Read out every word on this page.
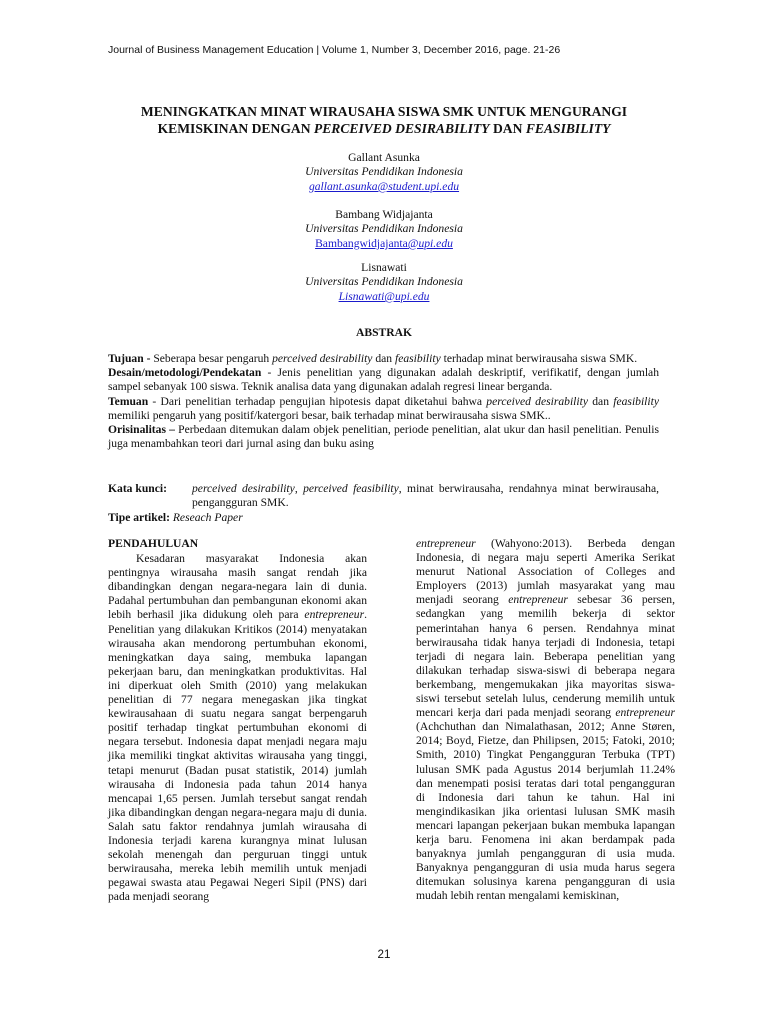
Journal of Business Management Education | Volume 1, Number 3, December 2016, page. 21-26
MENINGKATKAN MINAT WIRAUSAHA SISWA SMK UNTUK MENGURANGI
KEMISKINAN DENGAN PERCEIVED DESIRABILITY DAN FEASIBILITY
Gallant Asunka
Universitas Pendidikan Indonesia
gallant.asunka@student.upi.edu
Bambang Widjajanta
Universitas Pendidikan Indonesia
Bambangwidjajanta@upi.edu
Lisnawati
Universitas Pendidikan Indonesia
Lisnawati@upi.edu
ABSTRAK

Tujuan - Seberapa besar pengaruh perceived desirability dan feasibility terhadap minat berwirausaha siswa SMK.

Desain/metodologi/Pendekatan - Jenis penelitian yang digunakan adalah deskriptif, verifikatif, dengan jumlah sampel sebanyak 100 siswa. Teknik analisa data yang digunakan adalah regresi linear berganda.

Temuan - Dari penelitian terhadap pengujian hipotesis dapat diketahui bahwa perceived desirability dan feasibility memiliki pengaruh yang positif/katergori besar, baik terhadap minat berwirausaha siswa SMK..

Orisinalitas – Perbedaan ditemukan dalam objek penelitian, periode penelitian, alat ukur dan hasil penelitian. Penulis juga menambahkan teori dari jurnal asing dan buku asing

Kata kunci:	perceived desirability, perceived feasibility, minat berwirausaha, rendahnya minat berwirausaha, pengangguran SMK.
Tipe artikel: Reseach Paper
PENDAHULUAN

Kesadaran masyarakat Indonesia akan pentingnya wirausaha masih sangat rendah jika dibandingkan dengan negara-negara lain di dunia. Padahal pertumbuhan dan pembangunan ekonomi akan lebih berhasil jika didukung oleh para entrepreneur. Penelitian yang dilakukan Kritikos (2014) menyatakan wirausaha akan mendorong pertumbuhan ekonomi, meningkatkan daya saing, membuka lapangan pekerjaan baru, dan meningkatkan produktivitas. Hal ini diperkuat oleh Smith (2010) yang melakukan penelitian di 77 negara menegaskan jika tingkat kewirausahaan di suatu negara sangat berpengaruh positif terhadap tingkat pertumbuhan ekonomi di negara tersebut. Indonesia dapat menjadi negara maju jika memiliki tingkat aktivitas wirausaha yang tinggi, tetapi menurut (Badan pusat statistik, 2014) jumlah wirausaha di Indonesia pada tahun 2014 hanya mencapai 1,65 persen. Jumlah tersebut sangat rendah jika dibandingkan dengan negara-negara maju di dunia. Salah satu faktor rendahnya jumlah wirausaha di Indonesia terjadi karena kurangnya minat lulusan sekolah menengah dan perguruan tinggi untuk berwirausaha, mereka lebih memilih untuk menjadi pegawai swasta atau Pegawai Negeri Sipil (PNS) dari pada menjadi seorang

entrepreneur (Wahyono:2013). Berbeda dengan Indonesia, di negara maju seperti Amerika Serikat menurut National Association of Colleges and Employers (2013) jumlah masyarakat yang mau menjadi seorang entrepreneur sebesar 36 persen, sedangkan yang memilih bekerja di sektor pemerintahan hanya 6 persen. Rendahnya minat berwirausaha tidak hanya terjadi di Indonesia, tetapi terjadi di negara lain. Beberapa penelitian yang dilakukan terhadap siswa-siswi di beberapa negara berkembang, mengemukakan jika mayoritas siswa-siswi tersebut setelah lulus, cenderung memilih untuk mencari kerja dari pada menjadi seorang entrepreneur (Achchuthan dan Nimalathasan, 2012; Anne Støren, 2014; Boyd, Fietze, dan Philipsen, 2015; Fatoki, 2010; Smith, 2010) Tingkat Pengangguran Terbuka (TPT) lulusan SMK pada Agustus 2014 berjumlah 11.24% dan menempati posisi teratas dari total pengangguran di Indonesia dari tahun ke tahun. Hal ini mengindikasikan jika orientasi lulusan SMK masih mencari lapangan pekerjaan bukan membuka lapangan kerja baru. Fenomena ini akan berdampak pada banyaknya jumlah pengangguran di usia muda. Banyaknya pengangguran di usia muda harus segera ditemukan solusinya karena pengangguran di usia mudah lebih rentan mengalami kemiskinan,

21
